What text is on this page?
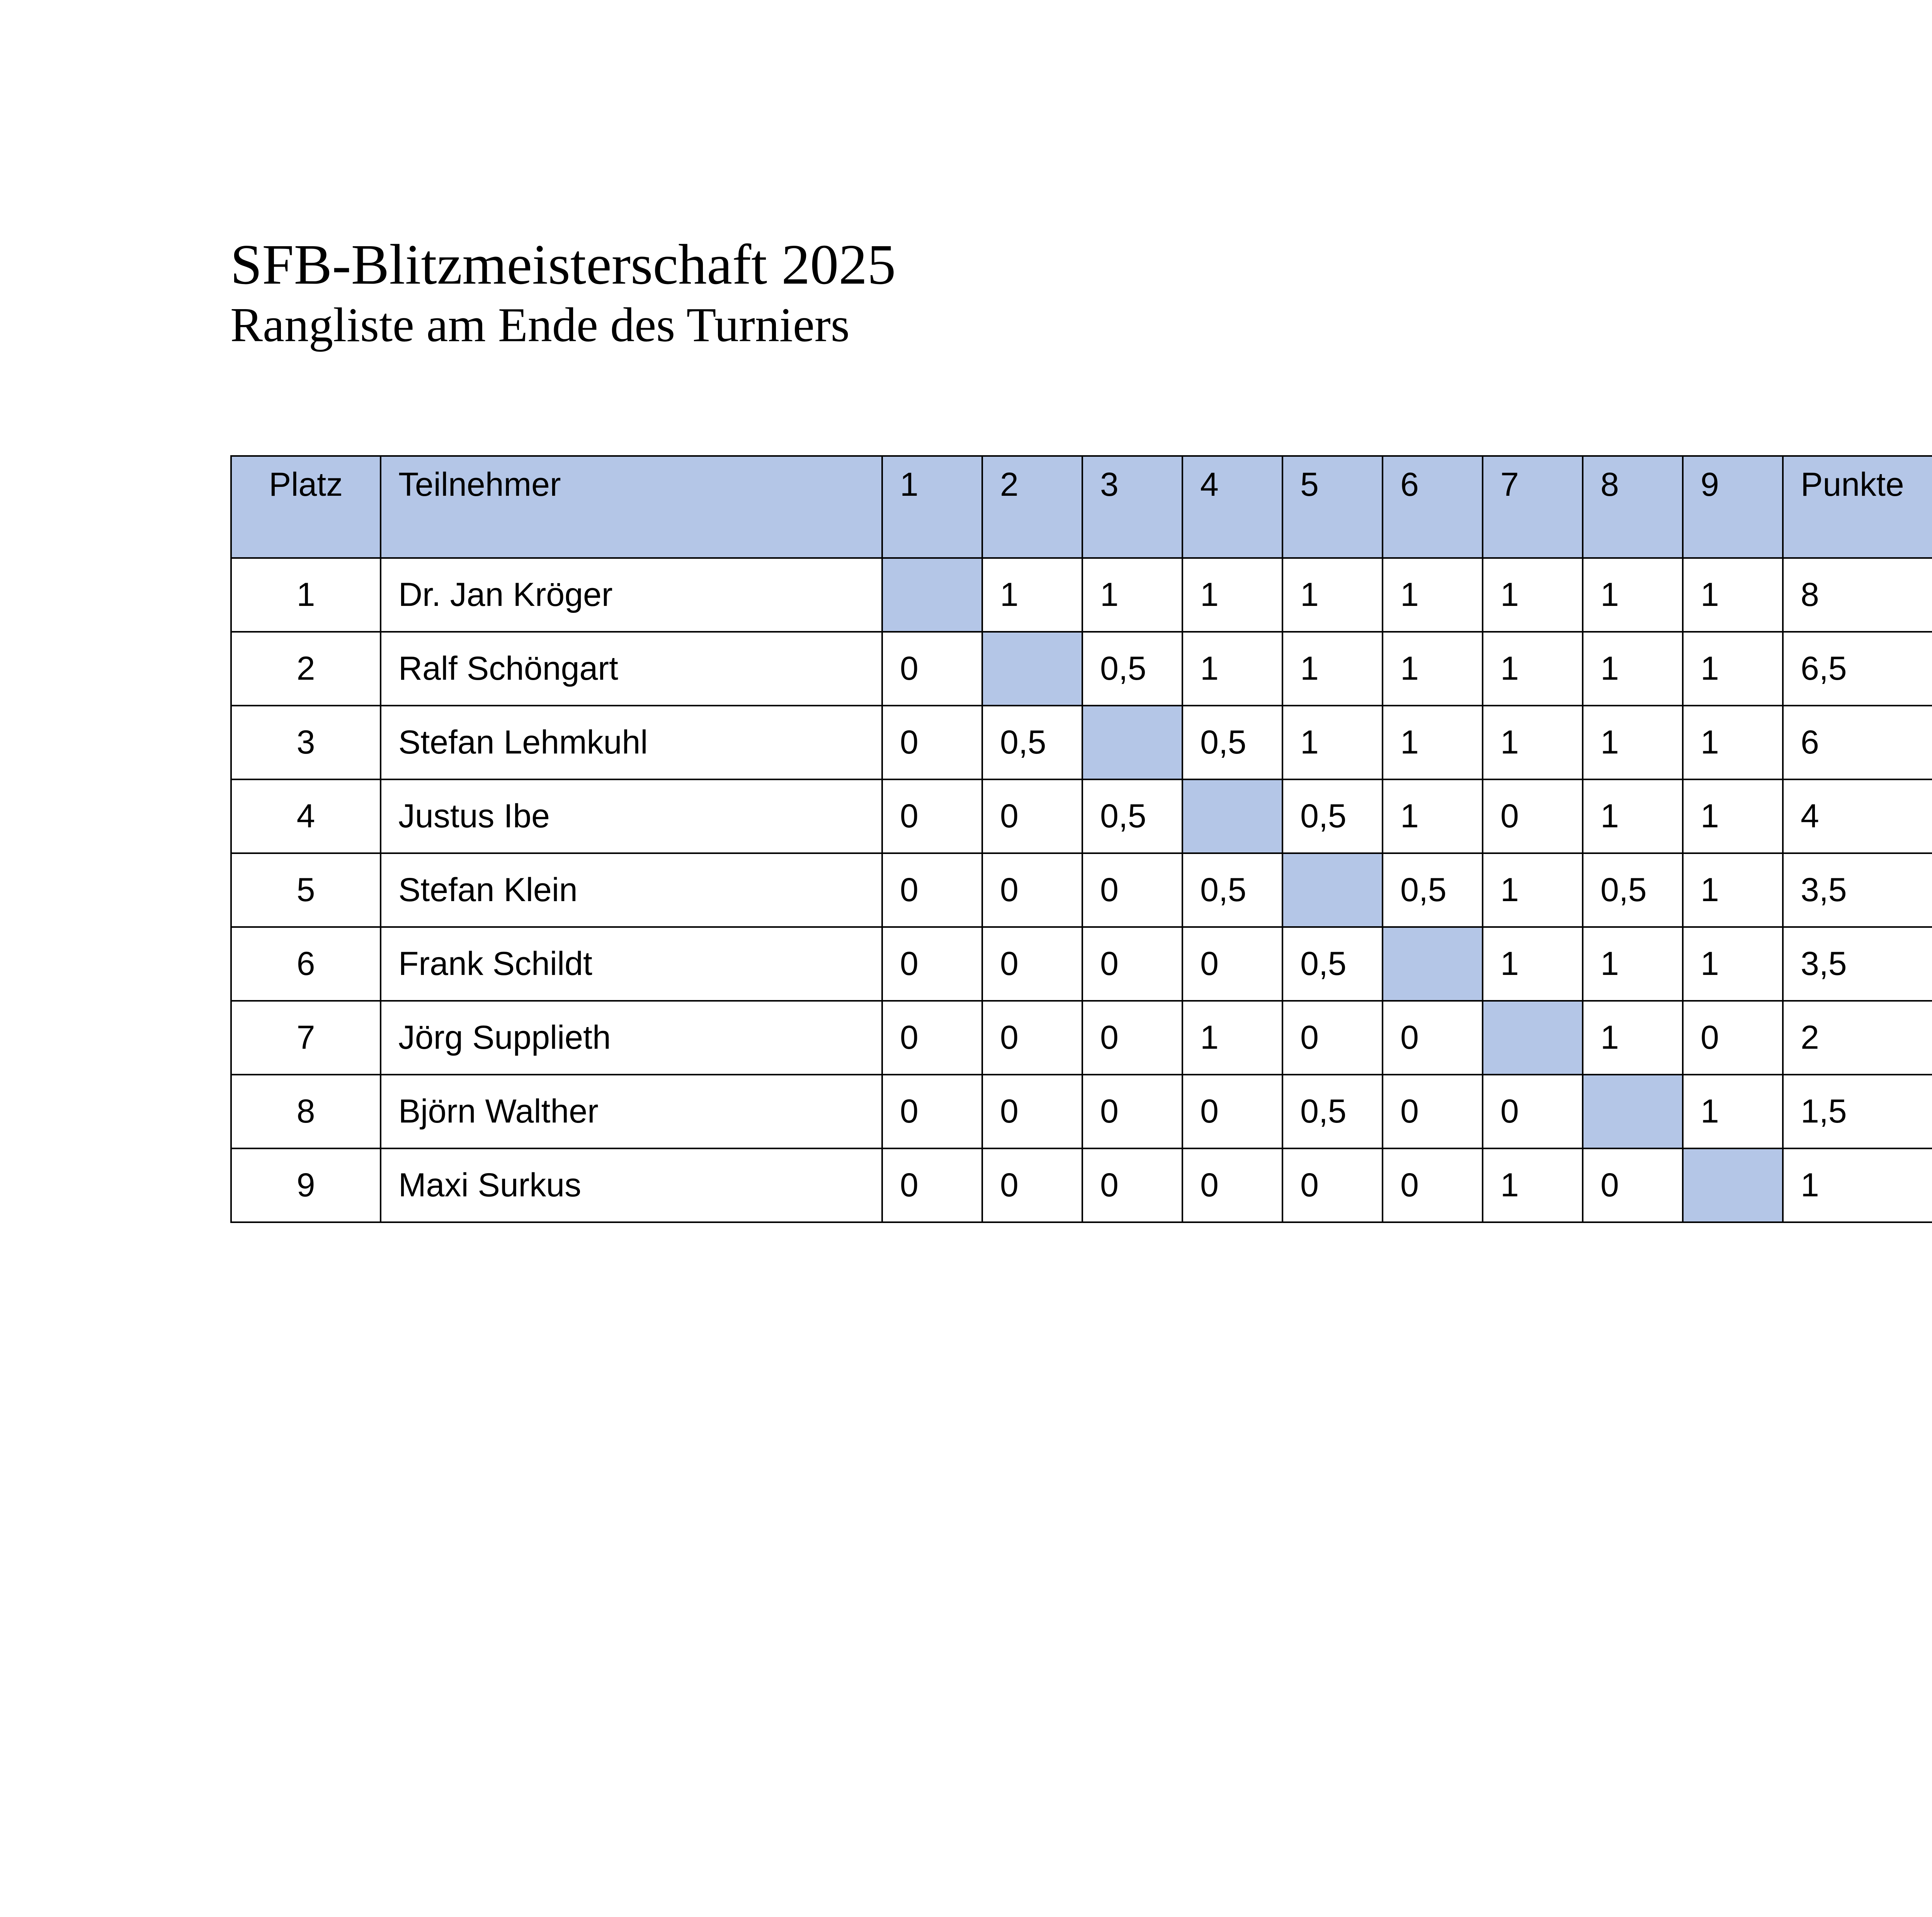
SFB-Blitzmeisterschaft 2025
Rangliste am Ende des Turniers
Platz	Teilnehmer	1	2	3	4	5	6	7	8	9	Punkte		
1	Dr. Jan Kröger		1	1	1	1	1	1	1	1	8		
2	Ralf Schöngart	0		0,5	1	1	1	1	1	1	6,5		
3	Stefan Lehmkuhl	0	0,5		0,5	1	1	1	1	1	6		
4	Justus Ibe	0	0	0,5		0,5	1	0	1	1	4		
5	Stefan Klein	0	0	0	0,5		0,5	1	0,5	1	3,5		
6	Frank Schildt	0	0	0	0	0,5		1	1	1	3,5		
7	Jörg Supplieth	0	0	0	1	0	0		1	0	2		
8	Björn Walther	0	0	0	0	0,5	0	0		1	1,5		
9	Maxi Surkus	0	0	0	0	0	0	1	0		1		
